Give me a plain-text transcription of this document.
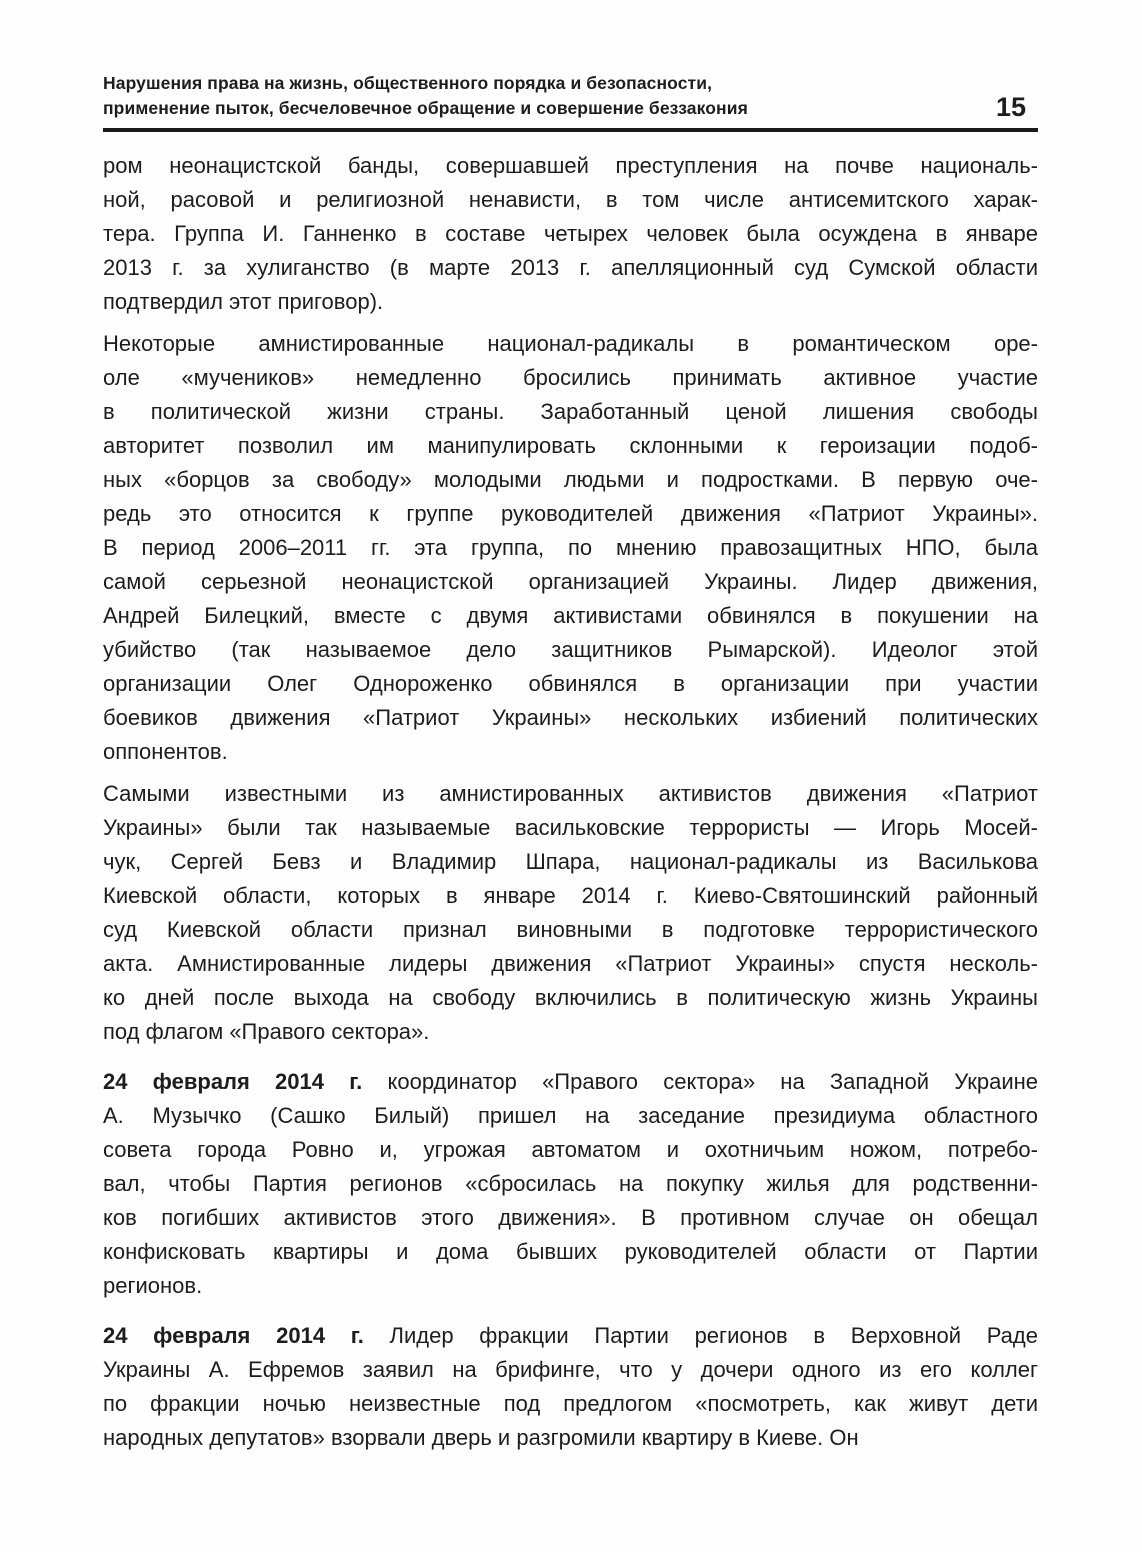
Нарушения права на жизнь, общественного порядка и безопасности,
применение пыток, бесчеловечное обращение и совершение беззакония	15
ром неонацистской банды, совершавшей преступления на почве националь-
ной, расовой и религиозной ненависти, в том числе антисемитского харак-
тера. Группа И. Ганненко в составе четырех человек была осуждена в январе
2013 г. за хулиганство (в марте 2013 г. апелляционный суд Сумской области
подтвердил этот приговор).
Некоторые амнистированные национал-радикалы в романтическом оре-
оле «мучеников» немедленно бросились принимать активное участие
в политической жизни страны. Заработанный ценой лишения свободы
авторитет позволил им манипулировать склонными к героизации подоб-
ных «борцов за свободу» молодыми людьми и подростками. В первую оче-
редь это относится к группе руководителей движения «Патриот Украины».
В период 2006–2011 гг. эта группа, по мнению правозащитных НПО, была
самой серьезной неонацистской организацией Украины. Лидер движения,
Андрей Билецкий, вместе с двумя активистами обвинялся в покушении на
убийство (так называемое дело защитников Рымарской). Идеолог этой
организации Олег Однороженко обвинялся в организации при участии
боевиков движения «Патриот Украины» нескольких избиений политических
оппонентов.
Самыми известными из амнистированных активистов движения «Патриот
Украины» были так называемые васильковские террористы — Игорь Мосей-
чук, Сергей Бевз и Владимир Шпара, национал-радикалы из Василькова
Киевской области, которых в январе 2014 г. Киево-Святошинский районный
суд Киевской области признал виновными в подготовке террористического
акта. Амнистированные лидеры движения «Патриот Украины» спустя несколь-
ко дней после выхода на свободу включились в политическую жизнь Украины
под флагом «Правого сектора».
24 февраля 2014 г. координатор «Правого сектора» на Западной Украине
А. Музычко (Сашко Билый) пришел на заседание президиума областного
совета города Ровно и, угрожая автоматом и охотничьим ножом, потребо-
вал, чтобы Партия регионов «сбросилась на покупку жилья для родственни-
ков погибших активистов этого движения». В противном случае он обещал
конфисковать квартиры и дома бывших руководителей области от Партии
регионов.
24 февраля 2014 г. Лидер фракции Партии регионов в Верховной Раде
Украины А. Ефремов заявил на брифинге, что у дочери одного из его коллег
по фракции ночью неизвестные под предлогом «посмотреть, как живут дети
народных депутатов» взорвали дверь и разгромили квартиру в Киеве. Он
